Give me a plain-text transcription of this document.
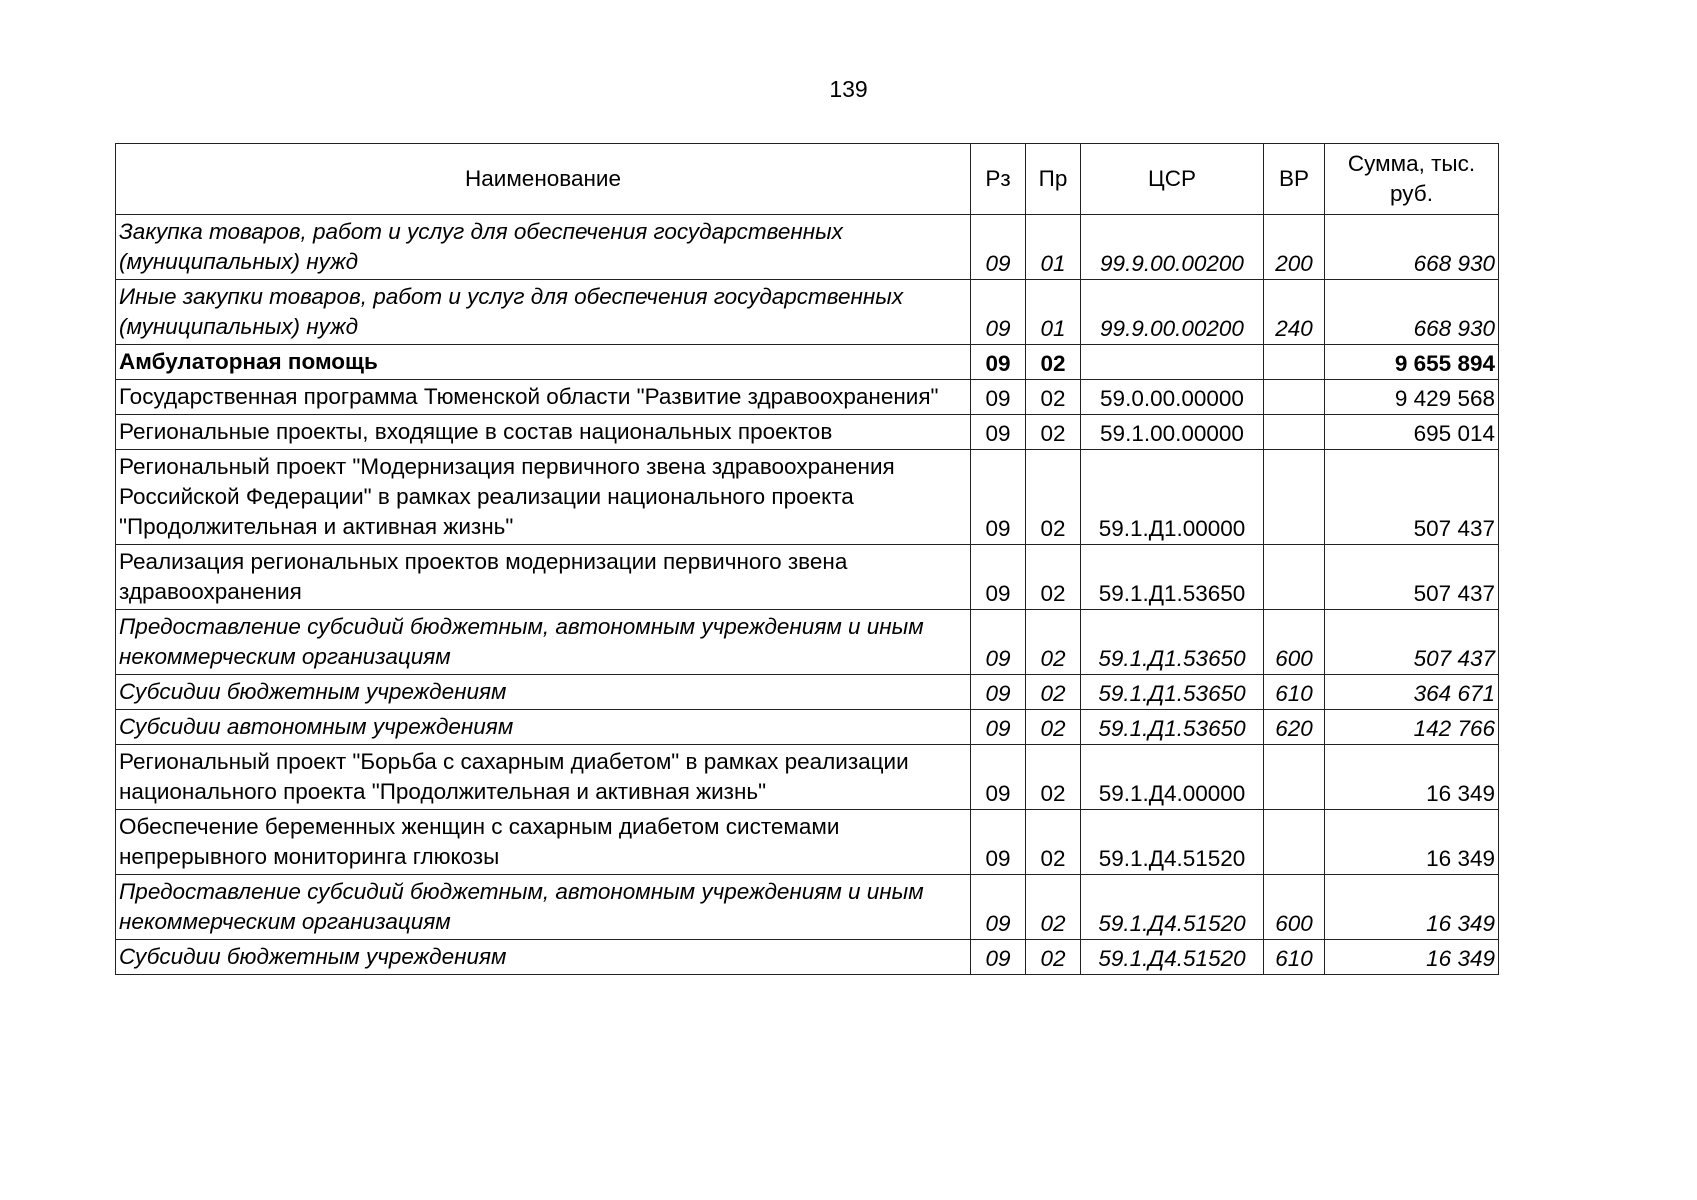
139
Наименование	Рз	Пр	ЦСР	ВР	Сумма, тыс. руб.
Закупка товаров, работ и услуг для обеспечения государственных (муниципальных) нужд	09	01	99.9.00.00200	200	668 930
Иные закупки товаров, работ и услуг для обеспечения государственных (муниципальных) нужд	09	01	99.9.00.00200	240	668 930
Амбулаторная помощь	09	02			9 655 894
Государственная программа Тюменской области "Развитие здравоохранения"	09	02	59.0.00.00000		9 429 568
Региональные проекты, входящие в состав национальных проектов	09	02	59.1.00.00000		695 014
Региональный проект "Модернизация первичного звена здравоохранения Российской Федерации" в рамках реализации национального проекта "Продолжительная и активная жизнь"	09	02	59.1.Д1.00000		507 437
Реализация региональных проектов модернизации первичного звена здравоохранения	09	02	59.1.Д1.53650		507 437
Предоставление субсидий бюджетным, автономным учреждениям и иным некоммерческим организациям	09	02	59.1.Д1.53650	600	507 437
Субсидии бюджетным учреждениям	09	02	59.1.Д1.53650	610	364 671
Субсидии автономным учреждениям	09	02	59.1.Д1.53650	620	142 766
Региональный проект "Борьба с сахарным диабетом" в рамках реализации национального проекта "Продолжительная и активная жизнь"	09	02	59.1.Д4.00000		16 349
Обеспечение беременных женщин с сахарным диабетом системами непрерывного мониторинга глюкозы	09	02	59.1.Д4.51520		16 349
Предоставление субсидий бюджетным, автономным учреждениям и иным некоммерческим организациям	09	02	59.1.Д4.51520	600	16 349
Субсидии бюджетным учреждениям	09	02	59.1.Д4.51520	610	16 349
